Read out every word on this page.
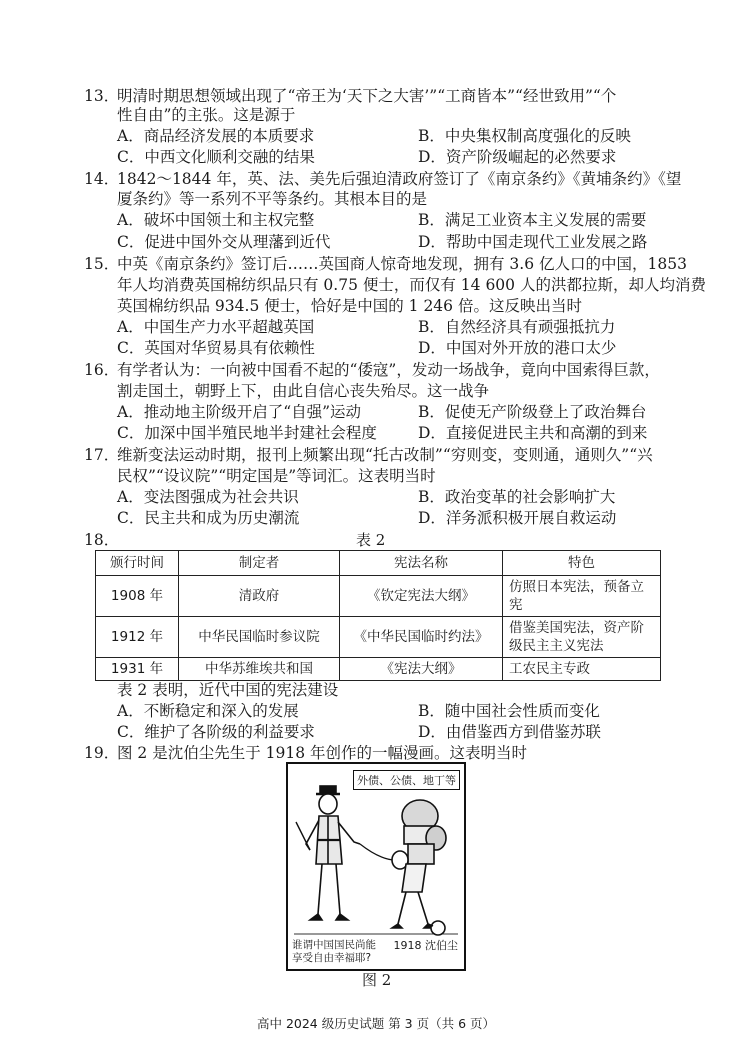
13．
明清时期思想领域出现了“帝王为‘天下之大害’”“工商皆本”“经世致用”“个
性自由”的主张。这是源于
A．商品经济发展的本质要求	B．中央集权制高度强化的反映
C．中西文化顺利交融的结果	D．资产阶级崛起的必然要求
14．
1842～1844 年，英、法、美先后强迫清政府签订了《南京条约》《黄埔条约》《望
厦条约》等一系列不平等条约。其根本目的是
A．破坏中国领土和主权完整	B．满足工业资本主义发展的需要
C．促进中国外交从理藩到近代	D．帮助中国走现代工业发展之路
15．
中英《南京条约》签订后……英国商人惊奇地发现，拥有 3.6 亿人口的中国，1853
年人均消费英国棉纺织品只有 0.75 便士，而仅有 14 600 人的洪都拉斯，却人均消费
英国棉纺织品 934.5 便士，恰好是中国的 1 246 倍。这反映出当时
A．中国生产力水平超越英国	B．自然经济具有顽强抵抗力
C．英国对华贸易具有依赖性	D．中国对外开放的港口太少
16．
有学者认为：一向被中国看不起的“倭寇”，发动一场战争，竟向中国索得巨款，
割走国土，朝野上下，由此自信心丧失殆尽。这一战争
A．推动地主阶级开启了“自强”运动	B．促使无产阶级登上了政治舞台
C．加深中国半殖民地半封建社会程度	D．直接促进民主共和高潮的到来
17．
维新变法运动时期，报刊上频繁出现“托古改制”“穷则变，变则通，通则久”“兴
民权”“设议院”“明定国是”等词汇。这表明当时
A．变法图强成为社会共识	B．政治变革的社会影响扩大
C．民主共和成为历史潮流	D．洋务派积极开展自救运动
18．	表 2
颁行时间	制定者	宪法名称	特色
1908 年	清政府	《钦定宪法大纲》	仿照日本宪法，预备立宪
1912 年	中华民国临时参议院	《中华民国临时约法》	借鉴美国宪法，资产阶级民主主义宪法
1931 年	中华苏维埃共和国	《宪法大纲》	工农民主专政
表 2 表明，近代中国的宪法建设
A．不断稳定和深入的发展	B．随中国社会性质而变化
C．维护了各阶级的利益要求	D．由借鉴西方到借鉴苏联
19．
图 2 是沈伯尘先生于 1918 年创作的一幅漫画。这表明当时
外债、公债、地丁等
1918 沈伯尘
谁谓中国国民尚能
享受自由幸福耶?
图 2
高中 2024 级历史试题 第 3 页（共 6 页）
